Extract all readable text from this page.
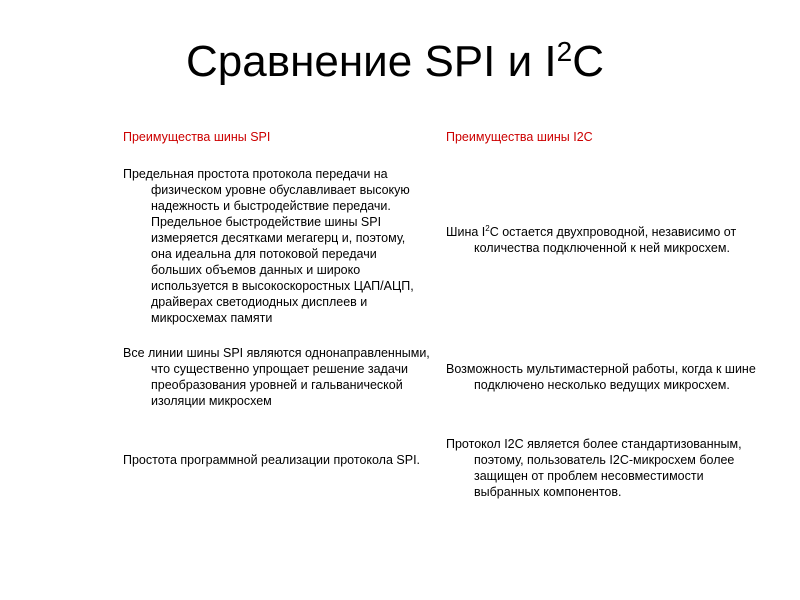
Сравнение SPI и $I^2C$

Преимущества шины SPI	Преимущества шины I2C

Предельная простота протокола передачи на физическом уровне обуславливает высокую надежность и быстродействие передачи. Предельное быстродействие шины SPI измеряется десятками мегагерц и, поэтому, она идеальна для потоковой передачи больших объемов данных и широко используется в высокоскоростных ЦАП/АЦП, драйверах светодиодных дисплеев и микросхемах памяти

Все линии шины SPI являются однонаправленными, что существенно упрощает решение задачи преобразования уровней и гальванической изоляции микросхем

Простота программной реализации протокола SPI.

Шина $I^2C$ остается двухпроводной, независимо от количества подключенной к ней микросхем.

Возможность мультимастерной работы, когда к шине подключено несколько ведущих микросхем.

Протокол I2C является более стандартизованным, поэтому, пользователь I2C-микросхем более защищен от проблем несовместимости выбранных компонентов.
